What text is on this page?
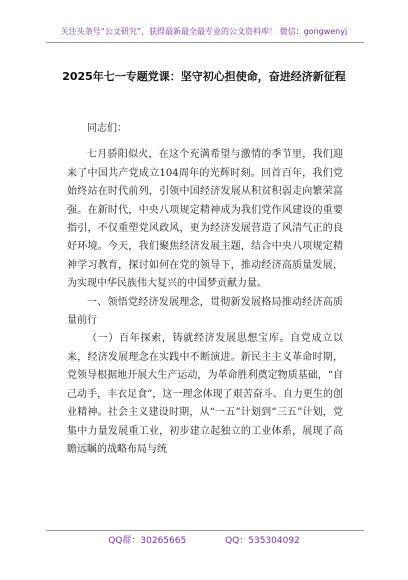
关注头条号“公文研究”，获得最新最全最专业的公文资料库！ 微信：gongwenyj
2025年七一专题党课：坚守初心担使命，奋进经济新征程

同志们：

七月骄阳似火，在这个充满希望与激情的季节里，我们迎来了中国共产党成立104周年的光辉时刻。回首百年，我们党始终站在时代前列，引领中国经济发展从积贫积弱走向繁荣富强。在新时代，中央八项规定精神成为我们党作风建设的重要指引，不仅重塑党风政风，更为经济发展营造了风清气正的良好环境。今天，我们聚焦经济发展主题，结合中央八项规定精神学习教育，探讨如何在党的领导下，推动经济高质量发展，为实现中华民族伟大复兴的中国梦贡献力量。

一、领悟党经济发展理念，贯彻新发展格局推动经济高质量前行

（一）百年探索，铸就经济发展思想宝库。自党成立以来，经济发展理念在实践中不断演进。新民主主义革命时期，党领导根据地开展大生产运动，为革命胜利奠定物质基础，“自己动手，丰衣足食”，这一理念体现了艰苦奋斗、自力更生的创业精神。社会主义建设时期，从“一五”计划到“三五”计划，党集中力量发展重工业，初步建立起独立的工业体系，展现了高瞻远瞩的战略布局与统

QQ群：30265665	QQ：535304092
